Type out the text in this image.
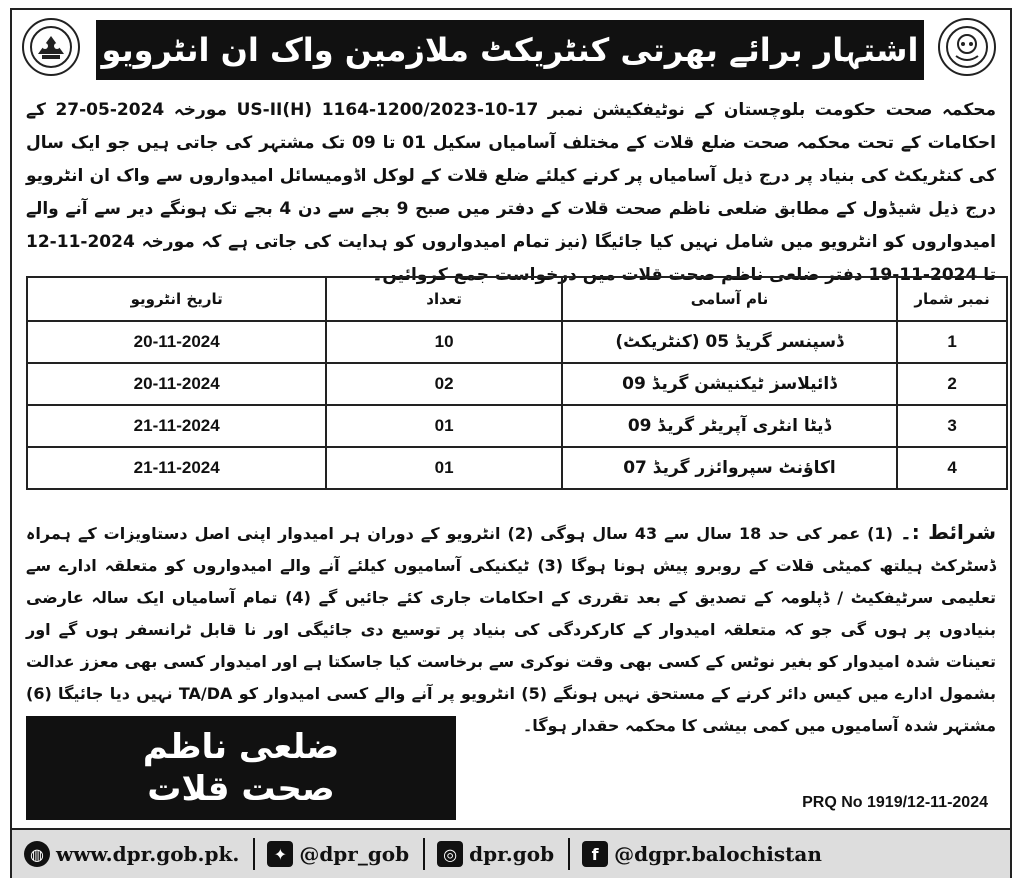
اشتہار برائے بھرتی کنٹریکٹ ملازمین واک ان انٹرویو
محکمہ صحت حکومت بلوچستان کے نوٹیفکیشن نمبر US-II(H) 1164-1200/2023-10-17 مورخہ 2024-05-27 کے احکامات کے تحت محکمہ صحت ضلع قلات کے مختلف آسامیاں سکیل 01 تا 09 تک مشتہر کی جاتی ہیں جو ایک سال کی کنٹریکٹ کی بنیاد پر درج ذیل آسامیاں پر کرنے کیلئے ضلع قلات کے لوکل اڈومیسائل امیدواروں سے واک ان انٹرویو درج ذیل شیڈول کے مطابق ضلعی ناظم صحت قلات کے دفتر میں صبح 9 بجے سے دن 4 بجے تک ہونگے دیر سے آنے والے امیدواروں کو انٹرویو میں شامل نہیں کیا جائیگا (نیز تمام امیدواروں کو ہدایت کی جاتی ہے کہ مورخہ 2024-11-12 تا 2024-11-19 دفتر ضلعی ناظم صحت قلات میں درخواست جمع کروائیں۔
تاریخ انٹرویو	تعداد	نام آسامی	نمبر شمار
20-11-2024	10	ڈسپنسر گریڈ 05 (کنٹریکٹ)	1
20-11-2024	02	ڈائیلاسز ٹیکنیشن گریڈ 09	2
21-11-2024	01	ڈیٹا انٹری آپریٹر گریڈ 09	3
21-11-2024	01	اکاؤنٹ سپروائزر گریڈ 07	4
شرائط :۔ (1) عمر کی حد 18 سال سے 43 سال ہوگی (2) انٹرویو کے دوران ہر امیدوار اپنی اصل دستاویزات کے ہمراہ ڈسٹرکٹ ہیلتھ کمیٹی قلات کے روبرو پیش ہونا ہوگا (3) ٹیکنیکی آسامیوں کیلئے آنے والے امیدواروں کو متعلقہ ادارے سے تعلیمی سرٹیفکیٹ / ڈپلومہ کے تصدیق کے بعد تقرری کے احکامات جاری کئے جائیں گے (4) تمام آسامیاں ایک سالہ عارضی بنیادوں پر ہوں گی جو کہ متعلقہ امیدوار کے کارکردگی کی بنیاد پر توسیع دی جائیگی اور نا قابل ٹرانسفر ہوں گے اور تعینات شدہ امیدوار کو بغیر نوٹس کے کسی بھی وقت نوکری سے برخاست کیا جاسکتا ہے اور امیدوار کسی بھی معزز عدالت بشمول ادارے میں کیس دائر کرنے کے مستحق نہیں ہونگے (5) انٹرویو پر آنے والے کسی امیدوار کو TA/DA نہیں دیا جائیگا (6) مشتہر شدہ آسامیوں میں کمی بیشی کا محکمہ حقدار ہوگا۔
ضلعی ناظم
صحت قلات	PRQ No 1919/12-11-2024
◍ www.dpr.gob.pk.	✦ @dpr_gob	◎ dpr.gob	f @dgpr.balochistan
